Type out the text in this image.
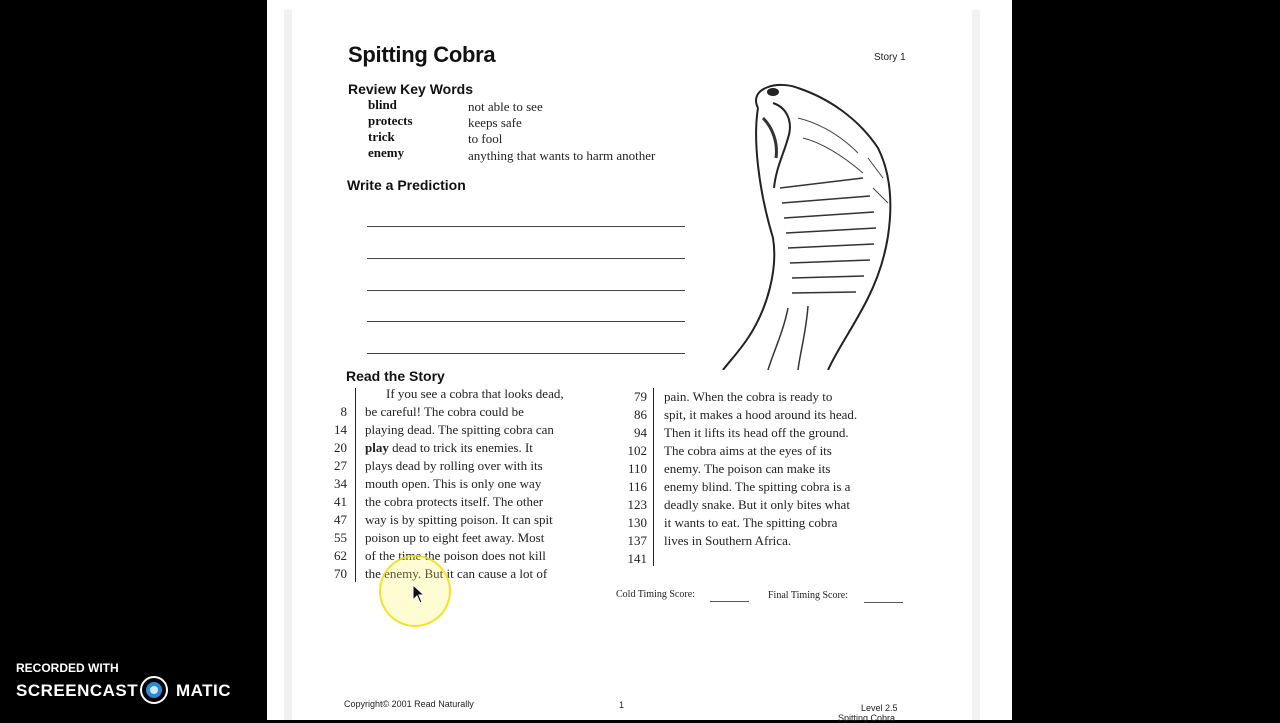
Spitting Cobra	Story 1
Review Key Words
blind	not able to see
protects	keeps safe
trick	to fool
enemy	anything that wants to harm another
Write a Prediction
Read the Story
If you see a cobra that looks dead,
8 be careful! The cobra could be
14 playing dead. The spitting cobra can
20 play dead to trick its enemies. It
27 plays dead by rolling over with its
34 mouth open. This is only one way
41 the cobra protects itself. The other
47 way is by spitting poison. It can spit
55 poison up to eight feet away. Most
62 of the time the poison does not kill
70 the enemy. But it can cause a lot of
79 pain. When the cobra is ready to
86 spit, it makes a hood around its head.
94 Then it lifts its head off the ground.
102 The cobra aims at the eyes of its
110 enemy. The poison can make its
116 enemy blind. The spitting cobra is a
123 deadly snake. But it only bites what
130 it wants to eat. The spitting cobra
137 lives in Southern Africa.
141
Cold Timing Score:	Final Timing Score:
Copyright© 2001 Read Naturally	1	Level 2.5
Spitting Cobra
RECORDED WITH
SCREENCAST MATIC
